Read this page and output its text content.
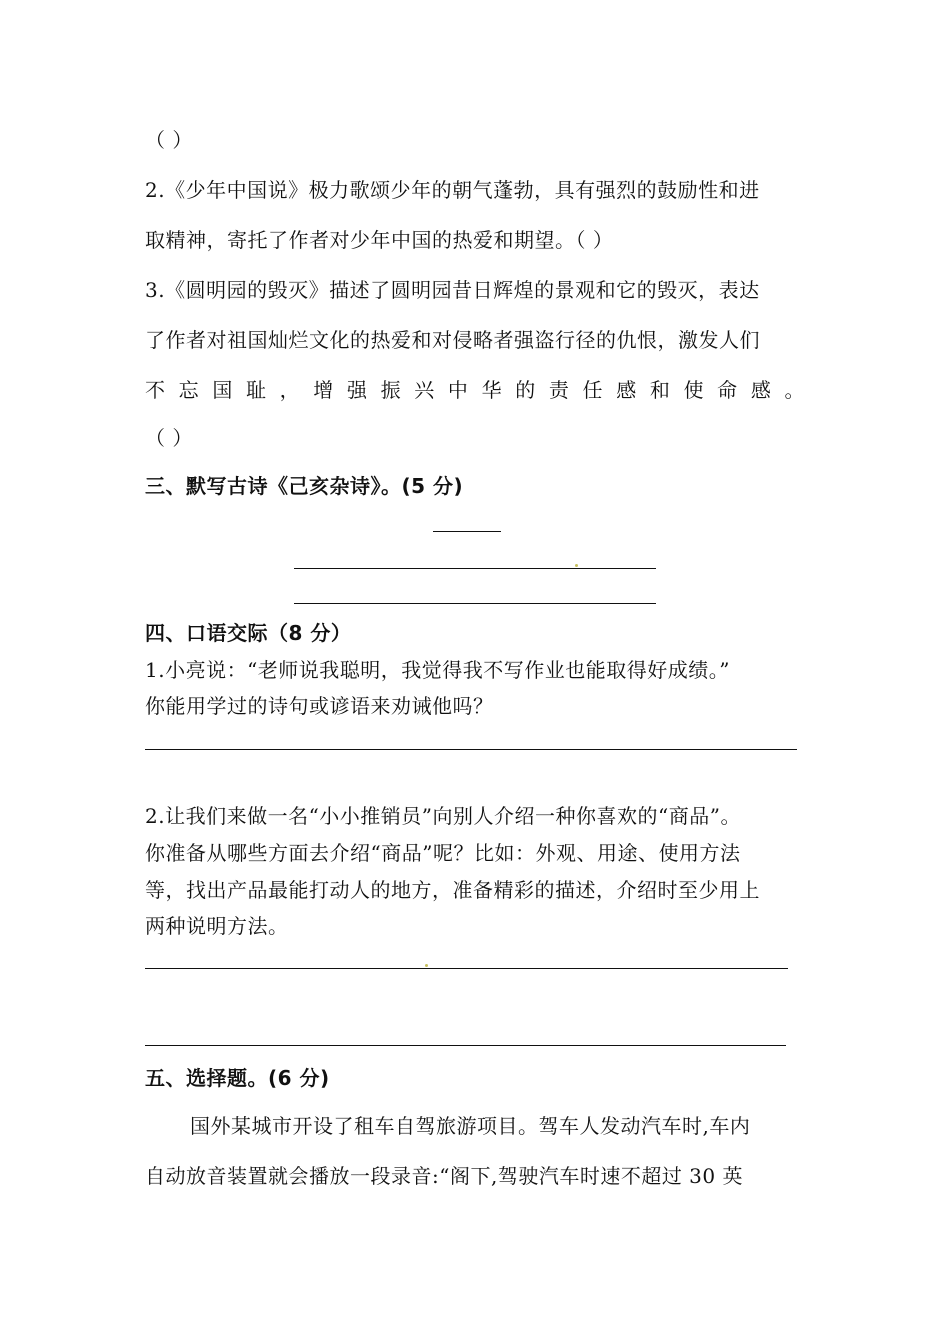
（ ）
2.《少年中国说》极力歌颂少年的朝气蓬勃，具有强烈的鼓励性和进
取精神，寄托了作者对少年中国的热爱和期望。（ ）
3.《圆明园的毁灭》描述了圆明园昔日辉煌的景观和它的毁灭，表达
了作者对祖国灿烂文化的热爱和对侵略者强盗行径的仇恨，激发人们
不 忘 国 耻 ， 增 强 振 兴 中 华 的 责 任 感 和 使 命 感 。
（ ）
三、默写古诗《己亥杂诗》。(5 分)
四、口语交际（8 分）
1.小亮说：“老师说我聪明，我觉得我不写作业也能取得好成绩。”
你能用学过的诗句或谚语来劝诫他吗？
2.让我们来做一名“小小推销员”向别人介绍一种你喜欢的“商品”。
你准备从哪些方面去介绍“商品”呢？比如：外观、用途、使用方法
等，找出产品最能打动人的地方，准备精彩的描述，介绍时至少用上
两种说明方法。
五、选择题。(6 分)
国外某城市开设了租车自驾旅游项目。驾车人发动汽车时,车内
自动放音装置就会播放一段录音:“阁下,驾驶汽车时速不超过 30 英
